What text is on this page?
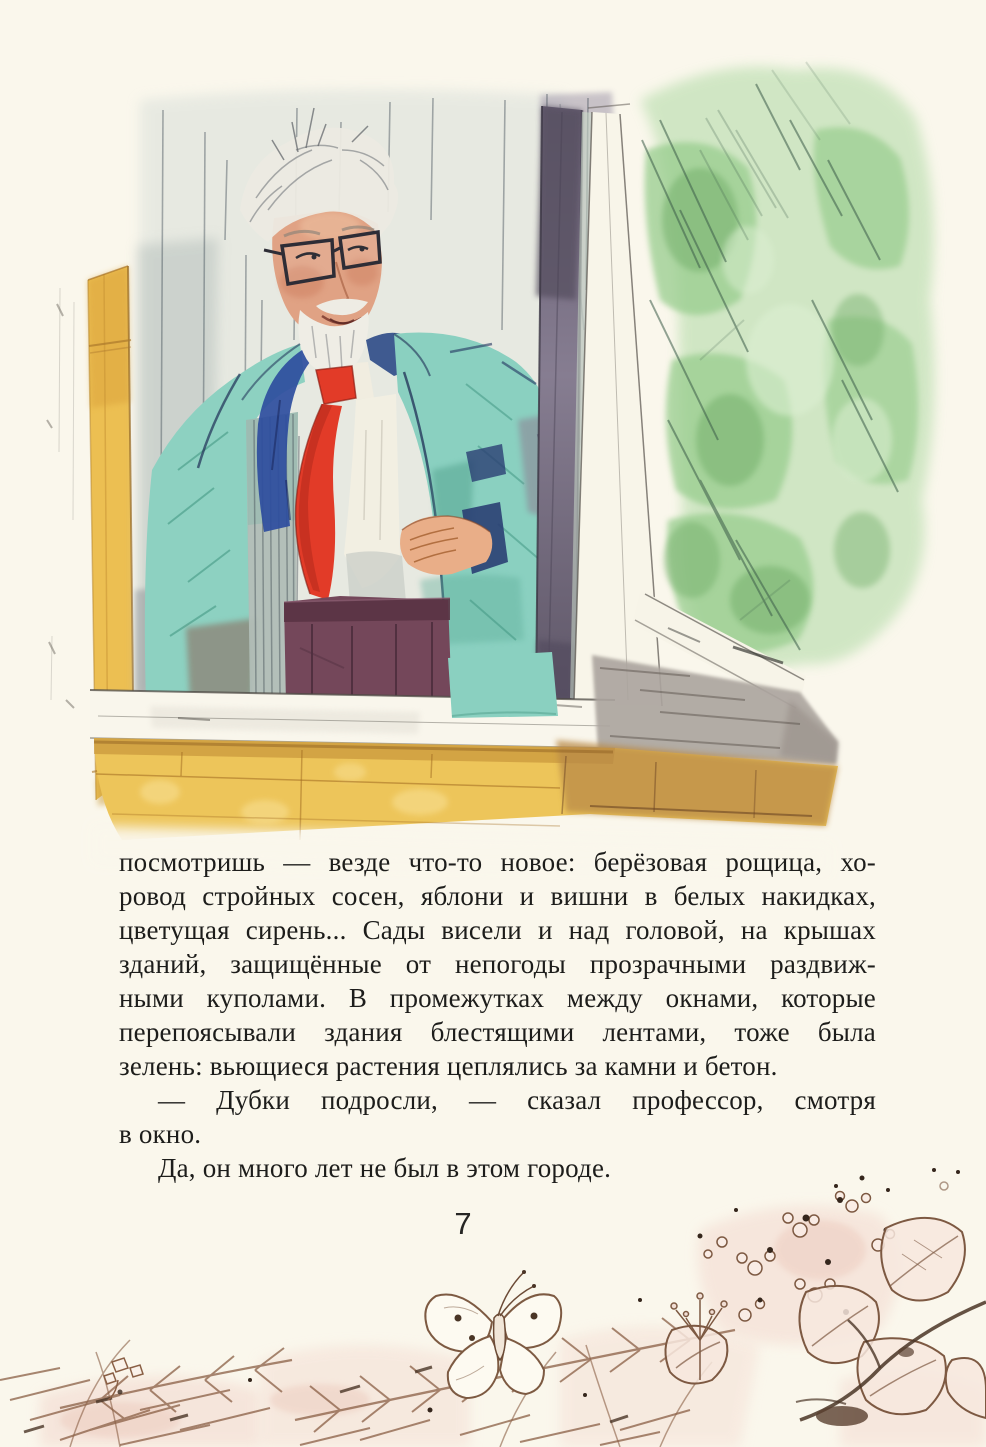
посмотришь — везде что-то новое: берёзовая рощица, хо-
ровод стройных сосен, яблони и вишни в белых накидках,
цветущая сирень... Сады висели и над головой, на крышах
зданий, защищённые от непогоды прозрачными раздвиж-
ными куполами. В промежутках между окнами, которые
перепоясывали здания блестящими лентами, тоже была
зелень: вьющиеся растения цеплялись за камни и бетон.
— Дубки подросли, — сказал профессор, смотря
в окно.
Да, он много лет не был в этом городе.
7
